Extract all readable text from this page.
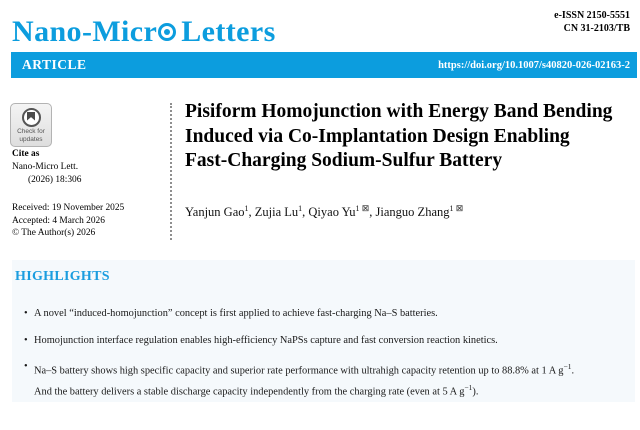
Nano-Micr Letters	e-ISSN 2150-5551
CN 31-2103/TB
ARTICLE	https://doi.org/10.1007/s40820-026-02163-2
Check for
updates
Cite as
Nano-Micro Lett.
(2026) 18:306
Received: 19 November 2025
Accepted: 4 March 2026
© The Author(s) 2026
Pisiform Homojunction with Energy Band Bending
Induced via Co-Implantation Design Enabling
Fast-Charging Sodium-Sulfur Battery
Yanjun Gao$^1$, Zujia Lu$^1$, Qiyao Yu$^1$ ⊠, Jianguo Zhang$^1$ ⊠
HIGHLIGHTS
• A novel “induced-homojunction” concept is first applied to achieve fast-charging Na–S batteries.
• Homojunction interface regulation enables high-efficiency NaPSs capture and fast conversion reaction kinetics.
• Na–S battery shows high specific capacity and superior rate performance with ultrahigh capacity retention up to 88.8% at 1 A $g^{-1}$.
And the battery delivers a stable discharge capacity independently from the charging rate (even at 5 A $g^{-1}$).
